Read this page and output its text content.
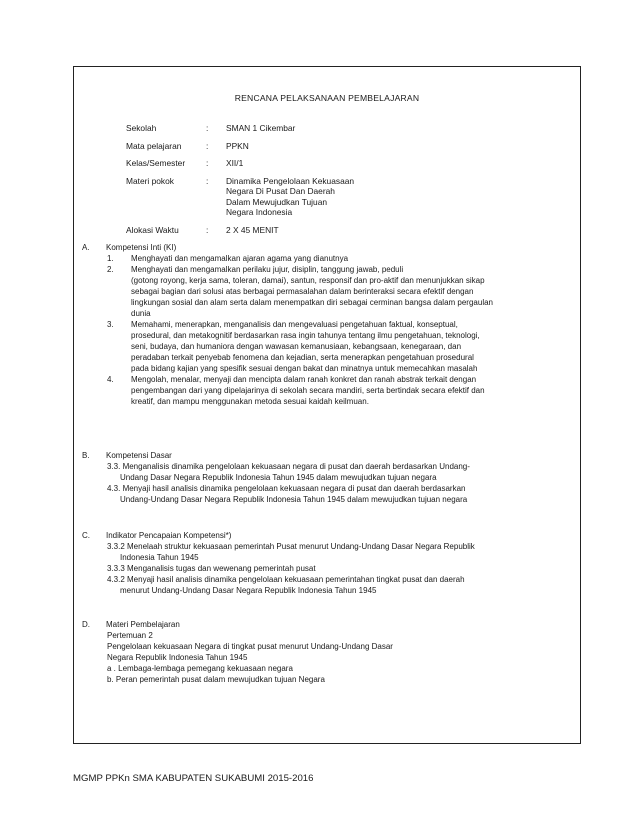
RENCANA PELAKSANAAN PEMBELAJARAN
Sekolah	:	SMAN 1 Cikembar
Mata pelajaran	:	PPKN
Kelas/Semester	:	XII/1
Materi pokok	:	Dinamika Pengelolaan Kekuasaan
Negara Di Pusat Dan Daerah
Dalam Mewujudkan Tujuan
Negara Indonesia
Alokasi Waktu	:	2 X 45 MENIT
A.	Kompetensi Inti (KI)
1.	Menghayati dan mengamalkan ajaran agama yang dianutnya
2.	Menghayati dan mengamalkan perilaku jujur, disiplin, tanggung jawab, peduli
(gotong royong, kerja sama, toleran, damai), santun, responsif dan pro-aktif dan menunjukkan sikap
sebagai bagian dari solusi atas berbagai permasalahan dalam berinteraksi secara efektif dengan
lingkungan sosial dan alam serta dalam menempatkan diri sebagai cerminan bangsa dalam pergaulan
dunia
3.	Memahami, menerapkan, menganalisis dan mengevaluasi pengetahuan faktual, konseptual,
prosedural, dan metakognitif berdasarkan rasa ingin tahunya tentang ilmu pengetahuan, teknologi,
seni, budaya, dan humaniora dengan wawasan kemanusiaan, kebangsaan, kenegaraan, dan
peradaban terkait penyebab fenomena dan kejadian, serta menerapkan pengetahuan prosedural
pada bidang kajian yang spesifik sesuai dengan bakat dan minatnya untuk memecahkan masalah
4.	Mengolah, menalar, menyaji dan mencipta dalam ranah konkret dan ranah abstrak terkait dengan
pengembangan dari yang dipelajarinya di sekolah secara mandiri, serta bertindak secara efektif dan
kreatif, dan mampu menggunakan metoda sesuai kaidah keilmuan.
B.	Kompetensi Dasar
3.3. Menganalisis dinamika pengelolaan kekuasaan negara di pusat dan daerah berdasarkan Undang-
Undang Dasar Negara Republik Indonesia Tahun 1945 dalam mewujudkan tujuan negara
4.3. Menyaji hasil analisis dinamika pengelolaan kekuasaan negara di pusat dan daerah berdasarkan
Undang-Undang Dasar Negara Republik Indonesia Tahun 1945 dalam mewujudkan tujuan negara
C.	Indikator Pencapaian Kompetensi*)
3.3.2 Menelaah struktur kekuasaan pemerintah Pusat menurut Undang-Undang Dasar Negara Republik
Indonesia Tahun 1945
3.3.3 Menganalisis tugas dan wewenang pemerintah pusat
4.3.2 Menyaji hasil analisis dinamika pengelolaan kekuasaan pemerintahan tingkat pusat dan daerah
menurut Undang-Undang Dasar Negara Republik Indonesia Tahun 1945
D.	Materi Pembelajaran
Pertemuan 2
Pengelolaan kekuasaan Negara di tingkat pusat menurut Undang-Undang Dasar
Negara Republik Indonesia Tahun 1945
a . Lembaga-lembaga pemegang kekuasaan negara
b. Peran pemerintah pusat dalam mewujudkan tujuan Negara
MGMP PPKn SMA KABUPATEN SUKABUMI 2015-2016
